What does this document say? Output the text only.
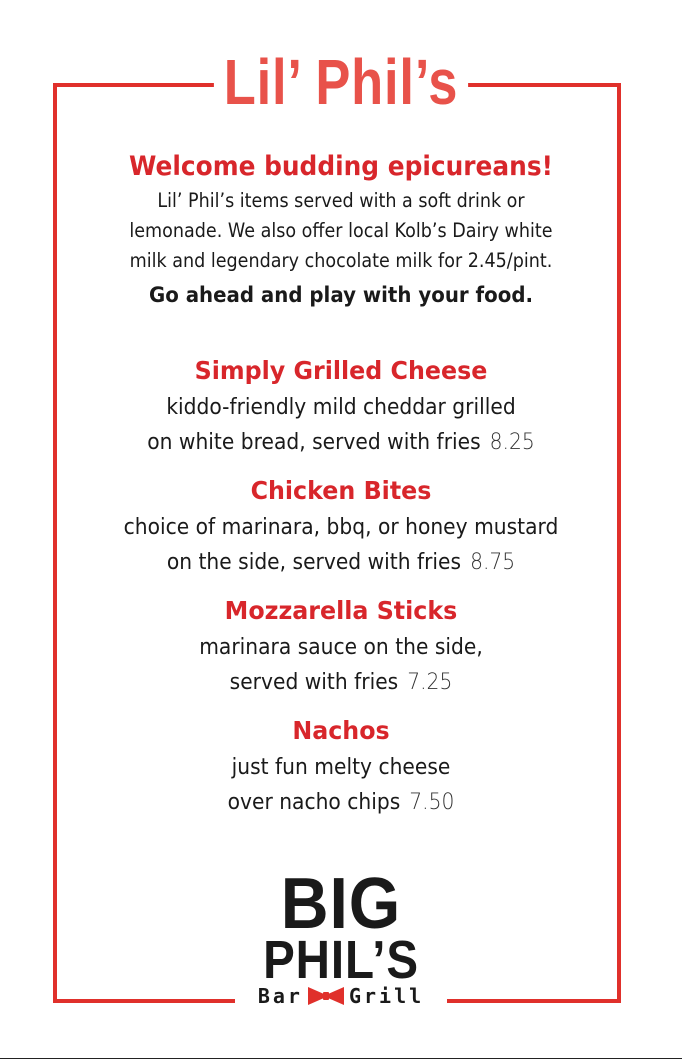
Lil’ Phil’s
Welcome budding epicureans!
Lil’ Phil’s items served with a soft drink or
lemonade. We also offer local Kolb’s Dairy white
milk and legendary chocolate milk for 2.45/pint.
Go ahead and play with your food.
Simply Grilled Cheese
kiddo-friendly mild cheddar grilled
on white bread, served with fries 8.25
Chicken Bites
choice of marinara, bbq, or honey mustard
on the side, served with fries 8.75
Mozzarella Sticks
marinara sauce on the side,
served with fries 7.25
Nachos
just fun melty cheese
over nacho chips 7.50
BIG
PHIL’S
Bar Grill
